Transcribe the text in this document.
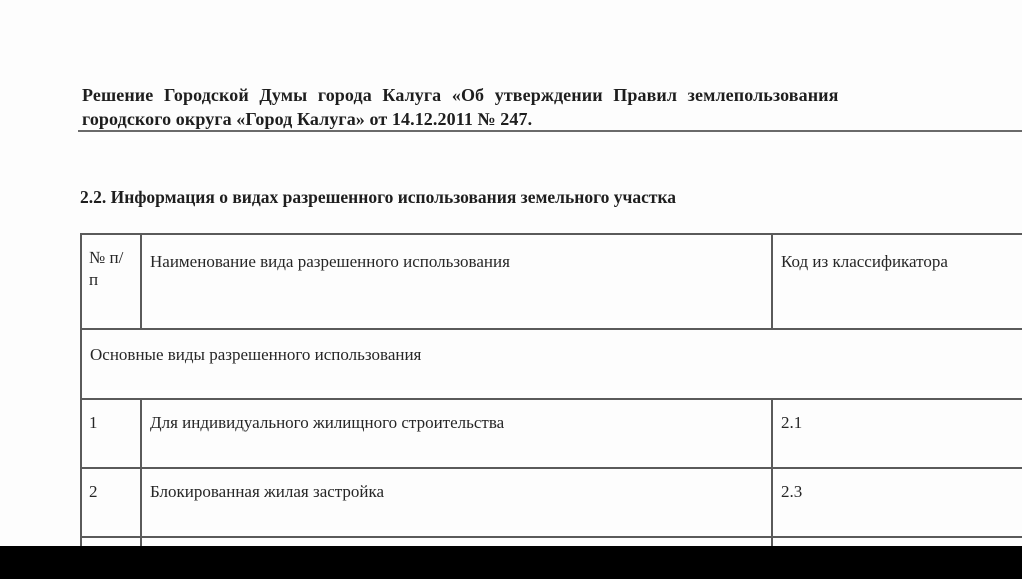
Решение Городской Думы города Калуга «Об утверждении Правил землепользования
городского округа «Город Калуга» от 14.12.2011 № 247.
2.2. Информация о видах разрешенного использования земельного участка
№ п/п	Наименование вида разрешенного использования	Код из классификатора
Основные виды разрешенного использования		
1	Для индивидуального жилищного строительства	2.1
2	Блокированная жилая застройка	2.3
